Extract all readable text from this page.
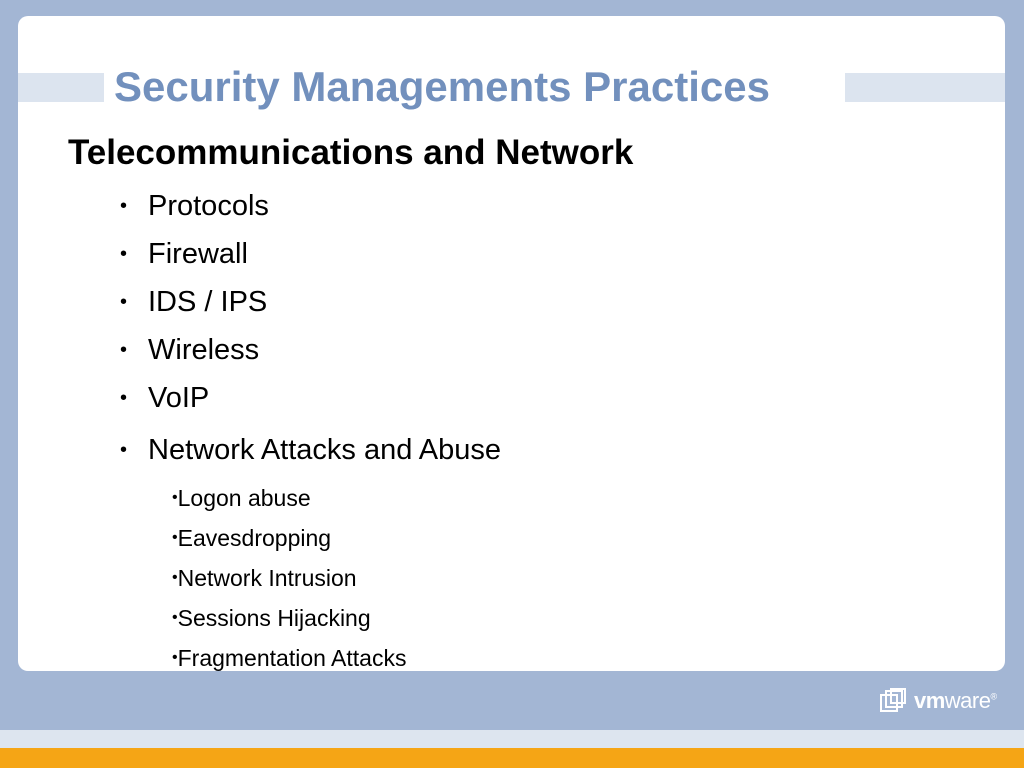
Security Managements Practices
Telecommunications and Network
• Protocols
• Firewall
• IDS / IPS
• Wireless
• VoIP
• Network Attacks and Abuse
•Logon abuse
•Eavesdropping
•Network Intrusion
•Sessions Hijacking
•Fragmentation Attacks
vmware®
